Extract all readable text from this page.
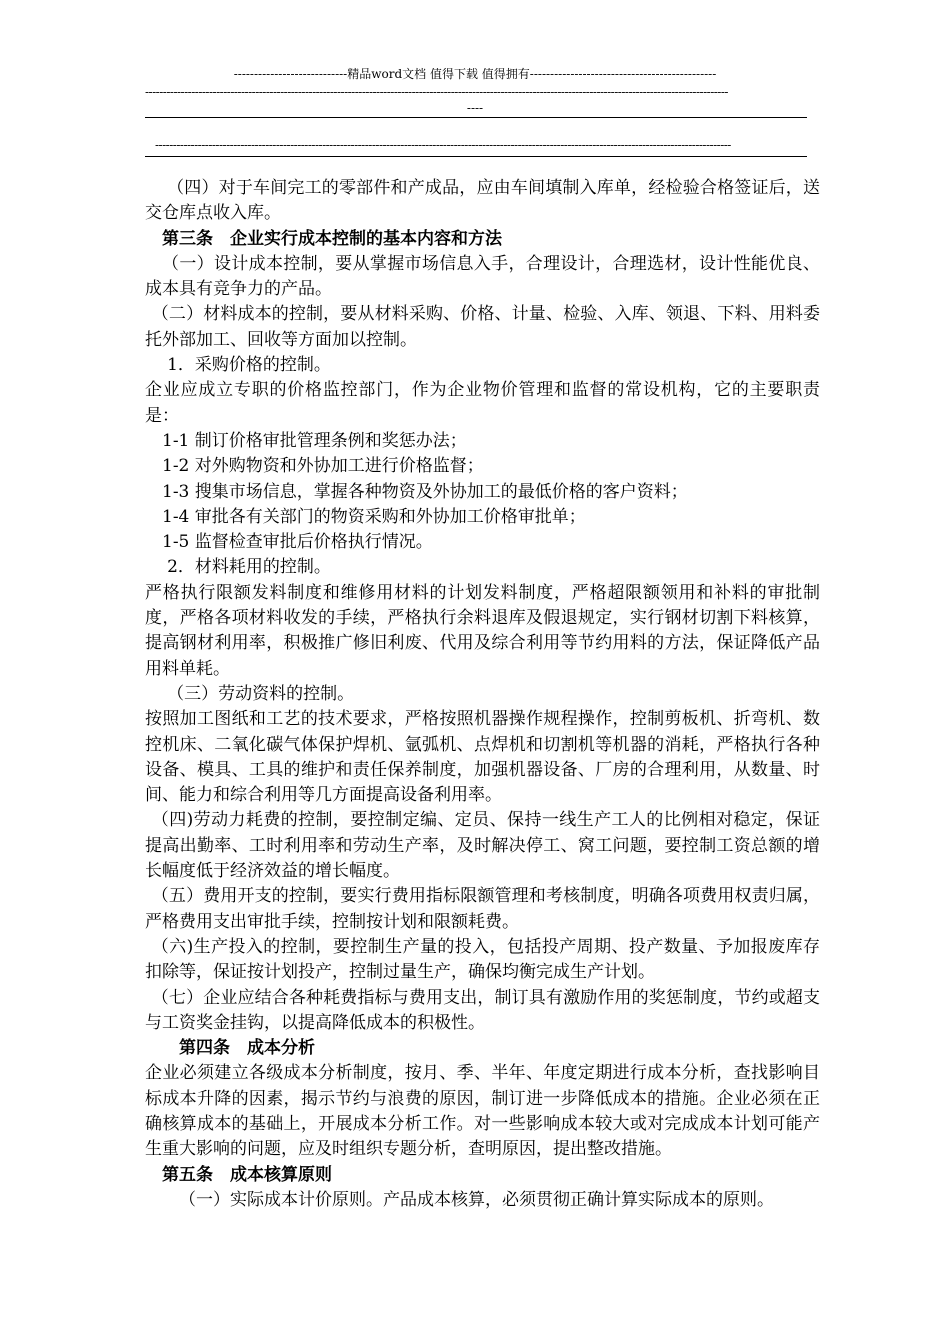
----------------------------精品word文档 值得下载 值得拥有----------------------------------------------
--------------------------------------------------------------------------------------------------------------------------------------------------------------------
----
------------------------------------------------------------------------------------------------------------------------------------------------------------------

（四）对于车间完工的零部件和产成品，应由车间填制入库单，经检验合格签证后，送交仓库点收入库。

第三条　企业实行成本控制的基本内容和方法

（一）设计成本控制，要从掌握市场信息入手，合理设计，合理选材，设计性能优良、成本具有竞争力的产品。

（二）材料成本的控制，要从材料采购、价格、计量、检验、入库、领退、下料、用料委托外部加工、回收等方面加以控制。

1．采购价格的控制。

企业应成立专职的价格监控部门，作为企业物价管理和监督的常设机构，它的主要职责是：

1-1 制订价格审批管理条例和奖惩办法；

1-2 对外购物资和外协加工进行价格监督；

1-3 搜集市场信息，掌握各种物资及外协加工的最低价格的客户资料；

1-4 审批各有关部门的物资采购和外协加工价格审批单；

1-5 监督检查审批后价格执行情况。

2．材料耗用的控制。

严格执行限额发料制度和维修用材料的计划发料制度，严格超限额领用和补料的审批制度，严格各项材料收发的手续，严格执行余料退库及假退规定，实行钢材切割下料核算，提高钢材利用率，积极推广修旧利废、代用及综合利用等节约用料的方法，保证降低产品用料单耗。

（三）劳动资料的控制。

按照加工图纸和工艺的技术要求，严格按照机器操作规程操作，控制剪板机、折弯机、数控机床、二氧化碳气体保护焊机、氩弧机、点焊机和切割机等机器的消耗，严格执行各种设备、模具、工具的维护和责任保养制度，加强机器设备、厂房的合理利用，从数量、时间、能力和综合利用等几方面提高设备利用率。

（四)劳动力耗费的控制，要控制定编、定员、保持一线生产工人的比例相对稳定，保证提高出勤率、工时利用率和劳动生产率，及时解决停工、窝工问题，要控制工资总额的增长幅度低于经济效益的增长幅度。

（五）费用开支的控制，要实行费用指标限额管理和考核制度，明确各项费用权责归属，严格费用支出审批手续，控制按计划和限额耗费。

（六)生产投入的控制，要控制生产量的投入，包括投产周期、投产数量、予加报废库存扣除等，保证按计划投产，控制过量生产，确保均衡完成生产计划。

（七）企业应结合各种耗费指标与费用支出，制订具有激励作用的奖惩制度，节约或超支与工资奖金挂钩，以提高降低成本的积极性。

第四条　成本分析

企业必须建立各级成本分析制度，按月、季、半年、年度定期进行成本分析，查找影响目标成本升降的因素，揭示节约与浪费的原因，制订进一步降低成本的措施。企业必须在正确核算成本的基础上，开展成本分析工作。对一些影响成本较大或对完成成本计划可能产生重大影响的问题，应及时组织专题分析，查明原因，提出整改措施。

第五条　成本核算原则

（一）实际成本计价原则。产品成本核算，必须贯彻正确计算实际成本的原则。
